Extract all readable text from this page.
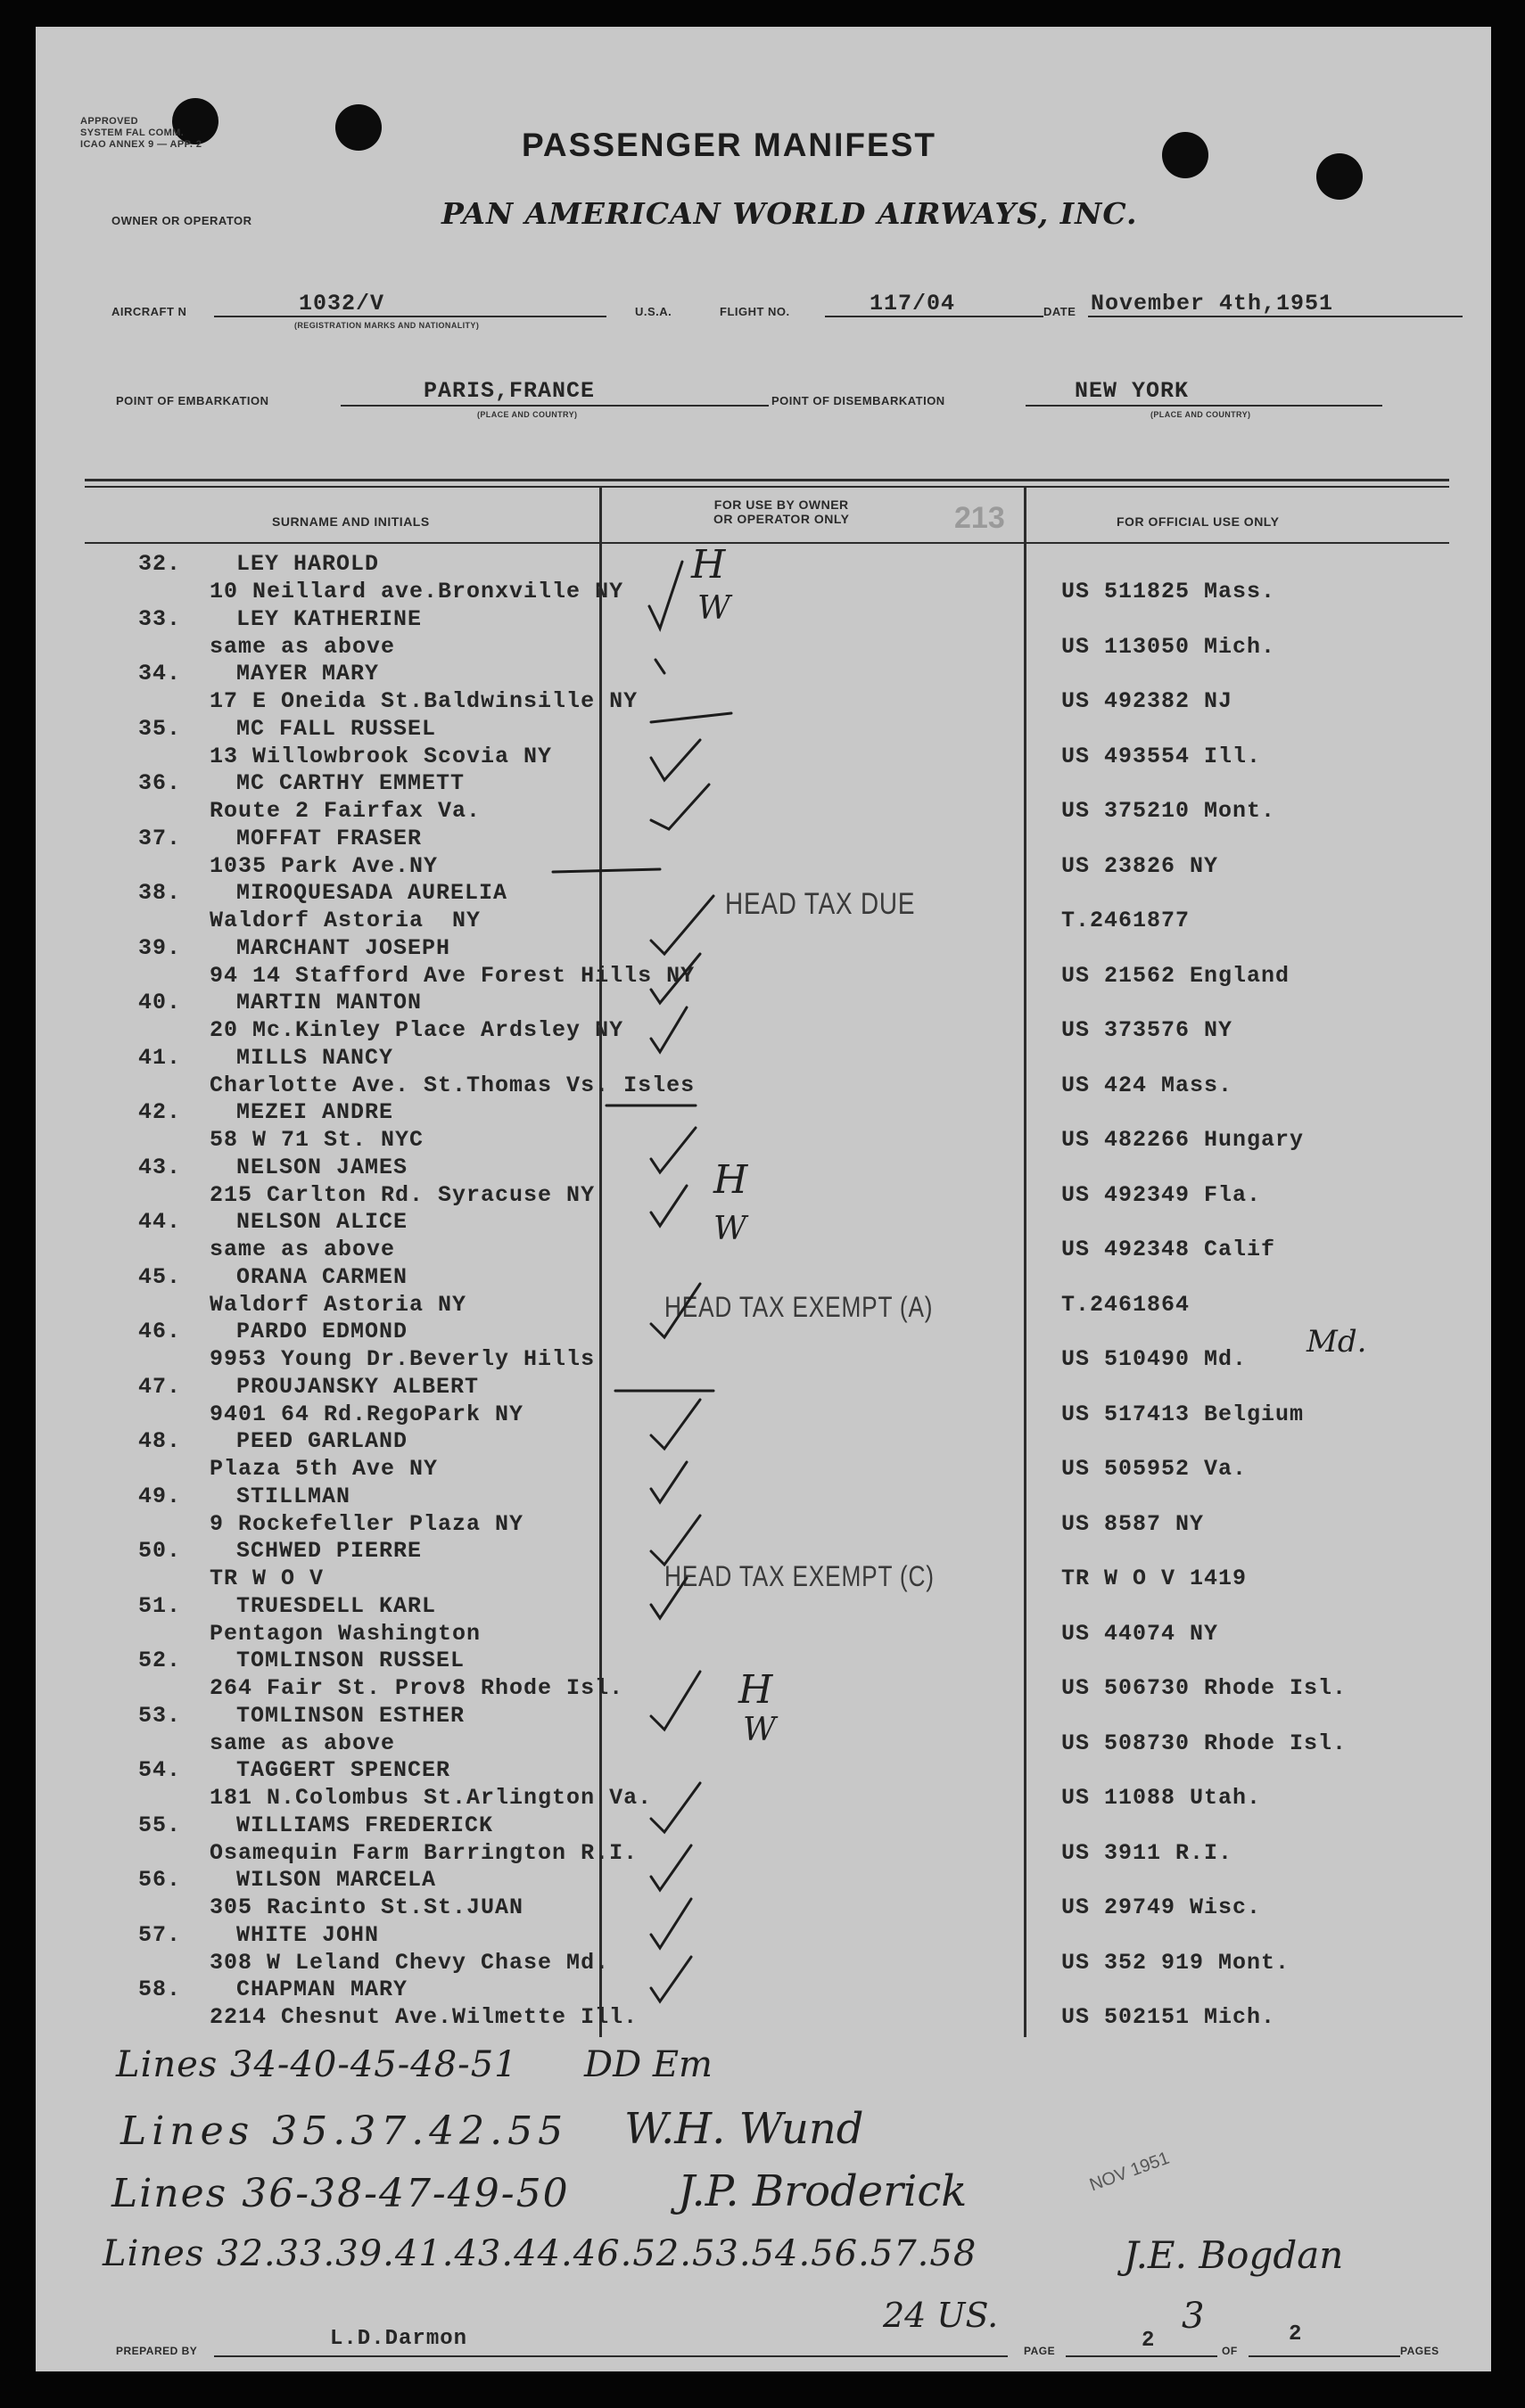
APPROVED
SYSTEM FAL COMM.
ICAO ANNEX 9 — APP. 2	PASSENGER MANIFEST
OWNER OR OPERATOR	PAN AMERICAN WORLD AIRWAYS, INC.
AIRCRAFT N	1032/V
(REGISTRATION MARKS AND NATIONALITY)
U.S.A.	FLIGHT NO.	117/04	DATE November 4th,1951
POINT OF EMBARKATION	PARIS,FRANCE
(PLACE AND COUNTRY)
POINT OF DISEMBARKATION	NEW YORK
(PLACE AND COUNTRY)
SURNAME AND INITIALS
FOR USE BY OWNER
OR OPERATOR ONLY	213	FOR OFFICIAL USE ONLY
32. LEY HAROLD
10 Neillard ave.Bronxville NY	US 511825 Mass.
33. LEY KATHERINE
same as above	US 113050 Mich.
34. MAYER MARY
17 E Oneida St.Baldwinsille NY	US 492382 NJ
35. MC FALL RUSSEL
13 Willowbrook Scovia NY	US 493554 Ill.
36. MC CARTHY EMMETT
Route 2 Fairfax Va.	US 375210 Mont.
37. MOFFAT FRASER
1035 Park Ave.NY	US 23826 NY
38. MIROQUESADA AURELIA
Waldorf Astoria  NY	T.2461877
39. MARCHANT JOSEPH
94 14 Stafford Ave Forest Hills NY	US 21562 England
40. MARTIN MANTON
20 Mc.Kinley Place Ardsley NY	US 373576 NY
41. MILLS NANCY
Charlotte Ave. St.Thomas Vs. Isles	US 424 Mass.
42. MEZEI ANDRE
58 W 71 St. NYC	US 482266 Hungary
43. NELSON JAMES
215 Carlton Rd. Syracuse NY	US 492349 Fla.
44. NELSON ALICE
same as above	US 492348 Calif
45. ORANA CARMEN
Waldorf Astoria NY	T.2461864
46. PARDO EDMOND
9953 Young Dr.Beverly Hills	US 510490 Md.
47. PROUJANSKY ALBERT
9401 64 Rd.RegoPark NY	US 517413 Belgium
48. PEED GARLAND
Plaza 5th Ave NY	US 505952 Va.
49. STILLMAN
9 Rockefeller Plaza NY	US 8587 NY
50. SCHWED PIERRE
TR W O V	TR W O V 1419
51. TRUESDELL KARL
Pentagon Washington	US 44074 NY
52. TOMLINSON RUSSEL
264 Fair St. Prov8 Rhode Isl.	US 506730 Rhode Isl.
53. TOMLINSON ESTHER
same as above	US 508730 Rhode Isl.
54. TAGGERT SPENCER
181 N.Colombus St.Arlington Va.	US 11088 Utah.
55. WILLIAMS FREDERICK
Osamequin Farm Barrington R.I.	US 3911 R.I.
56. WILSON MARCELA
305 Racinto St.St.JUAN	US 29749 Wisc.
57. WHITE JOHN
308 W Leland Chevy Chase Md.	US 352 919 Mont.
58. CHAPMAN MARY
2214 Chesnut Ave.Wilmette Ill.	US 502151 Mich.
HEAD TAX DUE
HEAD TAX EXEMPT (A)
HEAD TAX EXEMPT (C)
H
W
H
W
H
W
Md.
Lines 34-40-45-48-51 DD Em
Lines 35.37.42.55 W.H. Wund
Lines 36-38-47-49-50	J.P. Broderick	NOV 1951
Lines 32.33.39.41.43.44.46.52.53.54.56.57.58	J.E. Bogdan
24 US.	3
PREPARED BY	L.D.Darmon	PAGE	2	OF
2
PAGES
